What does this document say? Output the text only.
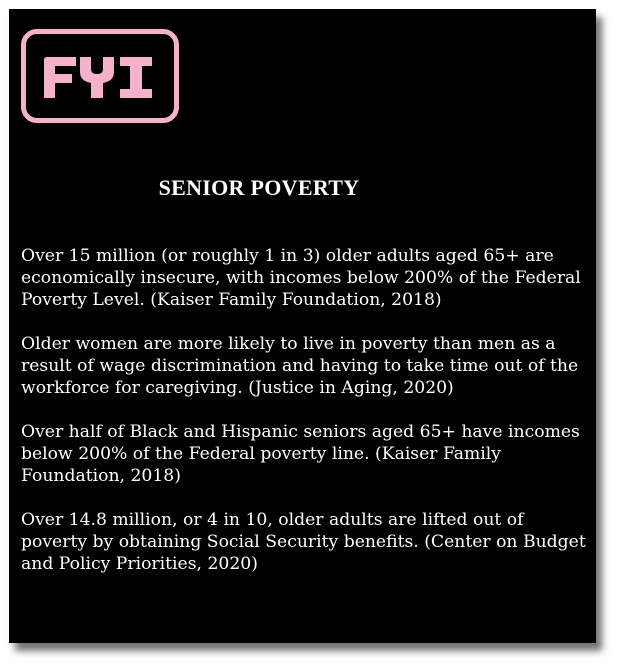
SENIOR POVERTY

Over 15 million (or roughly 1 in 3) older adults aged 65+ are economically insecure, with incomes below 200% of the Federal Poverty Level. (Kaiser Family Foundation, 2018)

Older women are more likely to live in poverty than men as a result of wage discrimination and having to take time out of the workforce for caregiving. (Justice in Aging, 2020)

Over half of Black and Hispanic seniors aged 65+ have incomes below 200% of the Federal poverty line. (Kaiser Family Foundation, 2018)

Over 14.8 million, or 4 in 10, older adults are lifted out of poverty by obtaining Social Security benefits. (Center on Budget and Policy Priorities, 2020)
